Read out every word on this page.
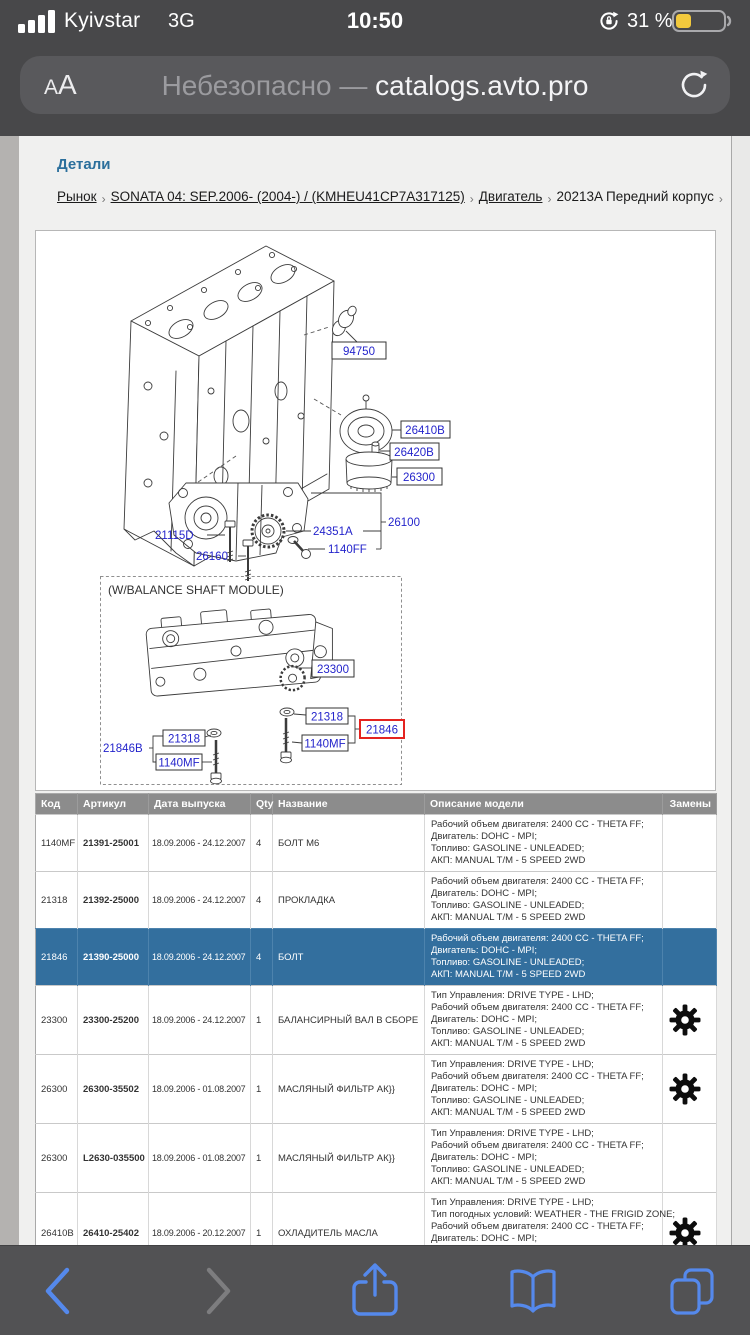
Kyivstar 3G	10:50	31 %
AA	Небезопасно — catalogs.avto.pro
Детали
Рынок › SONATA 04: SEP.2006- (2004-) / (KMHEU41CP7A317125) › Двигатель › 20213A Передний корпус ›
(W/BALANCE SHAFT MODULE)
94750
26410B
26420B
26300
26100
24351A
1140FF
21115D
26160
23300
21318
21846
1140MF
21318
21846B
1140MF
Код	Артикул	Дата выпуска	Qty	Название	Описание модели	Замены
1140MF	21391-25001	18.09.2006 - 24.12.2007	4	БОЛТ М6	Рабочий объем двигателя: 2400 CC - THETA FF;
Двигатель: DOHC - MPI;
Топливо: GASOLINE - UNLEADED;
АКП: MANUAL T/M - 5 SPEED 2WD	

21318	21392-25000	18.09.2006 - 24.12.2007	4	ПРОКЛАДКА	Рабочий объем двигателя: 2400 CC - THETA FF;
Двигатель: DOHC - MPI;
Топливо: GASOLINE - UNLEADED;
АКП: MANUAL T/M - 5 SPEED 2WD	

21846	21390-25000	18.09.2006 - 24.12.2007	4	БОЛТ	Рабочий объем двигателя: 2400 CC - THETA FF;
Двигатель: DOHC - MPI;
Топливо: GASOLINE - UNLEADED;
АКП: MANUAL T/M - 5 SPEED 2WD	

23300	23300-25200	18.09.2006 - 24.12.2007	1	БАЛАНСИРНЫЙ ВАЛ В СБОРЕ	Тип Управления: DRIVE TYPE - LHD;
Рабочий объем двигателя: 2400 CC - THETA FF;
Двигатель: DOHC - MPI;
Топливо: GASOLINE - UNLEADED;
АКП: MANUAL T/M - 5 SPEED 2WD

26300	26300-35502	18.09.2006 - 01.08.2007	1	МАСЛЯНЫЙ ФИЛЬТР АК}}	Тип Управления: DRIVE TYPE - LHD;
Рабочий объем двигателя: 2400 CC - THETA FF;
Двигатель: DOHC - MPI;
Топливо: GASOLINE - UNLEADED;
АКП: MANUAL T/M - 5 SPEED 2WD

26300	L2630-035500	18.09.2006 - 01.08.2007	1	МАСЛЯНЫЙ ФИЛЬТР АК}}	Тип Управления: DRIVE TYPE - LHD;
Рабочий объем двигателя: 2400 CC - THETA FF;
Двигатель: DOHC - MPI;
Топливо: GASOLINE - UNLEADED;
АКП: MANUAL T/M - 5 SPEED 2WD	

26410B	26410-25402	18.09.2006 - 20.12.2007	1	ОХЛАДИТЕЛЬ МАСЛА	
Тип Управления: DRIVE TYPE - LHD;
Тип погодных условий: WEATHER - THE FRIGID ZONE;
Рабочий объем двигателя: 2400 CC - THETA FF;
Двигатель: DOHC - MPI;
